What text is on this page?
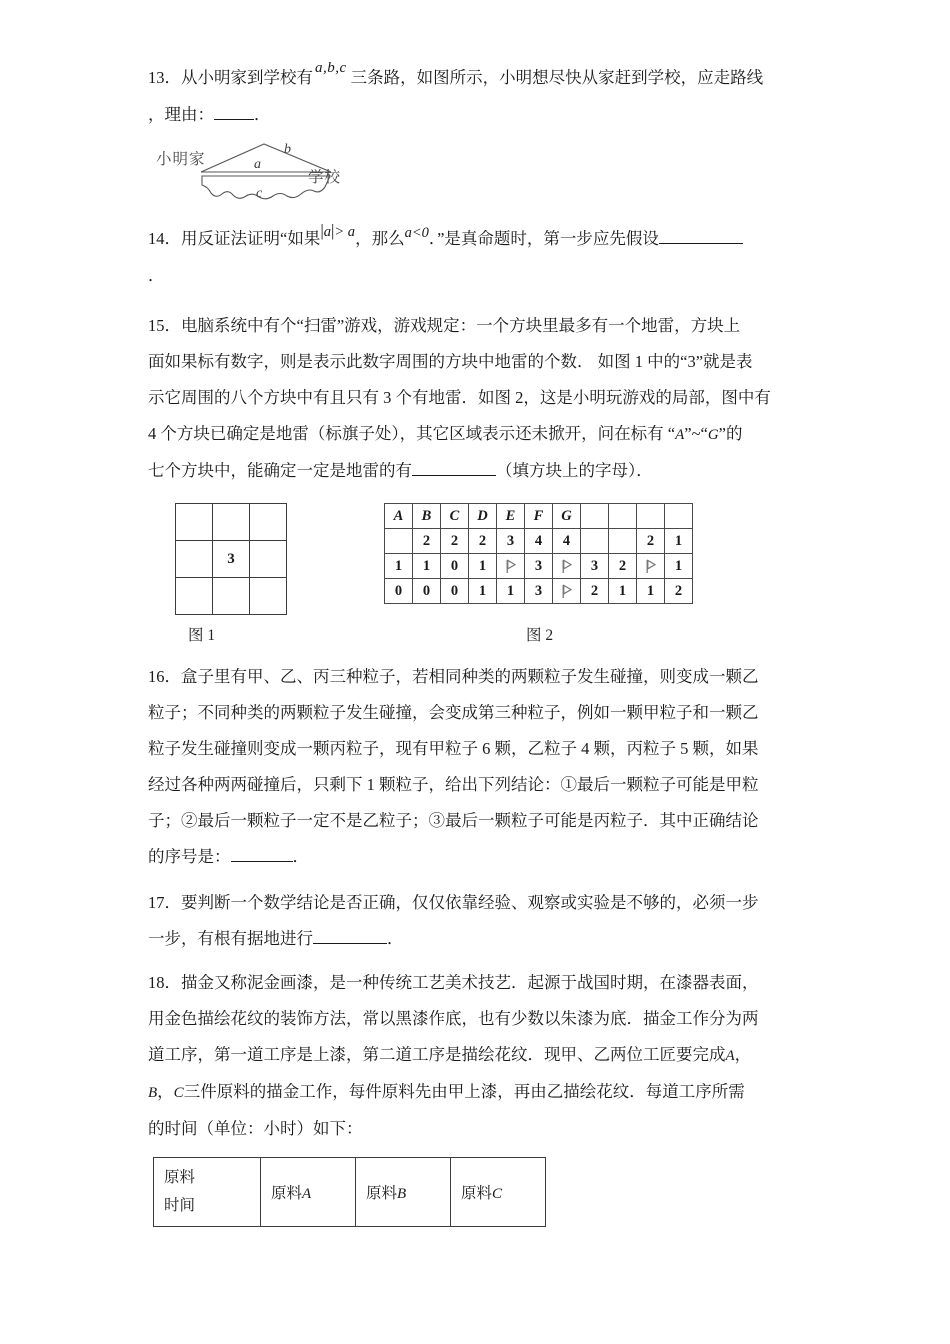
13．从小明家到学校有 a,b,c 三条路，如图所示，小明想尽快从家赶到学校，应走路线
，理由： ．
小明家
学校
a
b
c
14．用反证法证明“如果|a|> a，那么a<0．”是真命题时，第一步应先假设
．
15．电脑系统中有个“扫雷”游戏，游戏规定：一个方块里最多有一个地雷，方块上
面如果标有数字，则是表示此数字周围的方块中地雷的个数． 如图 1 中的“3”就是表
示它周围的八个方块中有且只有 3 个有地雷．如图 2，这是小明玩游戏的局部，图中有
4 个方块已确定是地雷（标旗子处），其它区域表示还未掀开，问在标有 “A”~“G”的
七个方块中，能确定一定是地雷的有	（填方块上的字母）．

	3	

图 1
A	B	C	D	E	F	G				
	2	2	2	3	4	4			2	1
1	1	0	1		3		3	2		1
0	0	0	1	1	3		2	1	1	2
图 2
16．盒子里有甲、乙、丙三种粒子，若相同种类的两颗粒子发生碰撞，则变成一颗乙
粒子；不同种类的两颗粒子发生碰撞，会变成第三种粒子，例如一颗甲粒子和一颗乙
粒子发生碰撞则变成一颗丙粒子，现有甲粒子 6 颗，乙粒子 4 颗，丙粒子 5 颗，如果
经过各种两两碰撞后，只剩下 1 颗粒子，给出下列结论：①最后一颗粒子可能是甲粒
子；②最后一颗粒子一定不是乙粒子；③最后一颗粒子可能是丙粒子．其中正确结论
的序号是：	．
17．要判断一个数学结论是否正确，仅仅依靠经验、观察或实验是不够的，必须一步
一步，有根有据地进行	．
18．描金又称泥金画漆，是一种传统工艺美术技艺．起源于战国时期，在漆器表面，
用金色描绘花纹的装饰方法，常以黑漆作底，也有少数以朱漆为底．描金工作分为两
道工序，第一道工序是上漆，第二道工序是描绘花纹．现甲、乙两位工匠要完成A，
B，C三件原料的描金工作，每件原料先由甲上漆，再由乙描绘花纹．每道工序所需
的时间（单位：小时）如下：
原料
时间
	原料A	原料B	原料C
